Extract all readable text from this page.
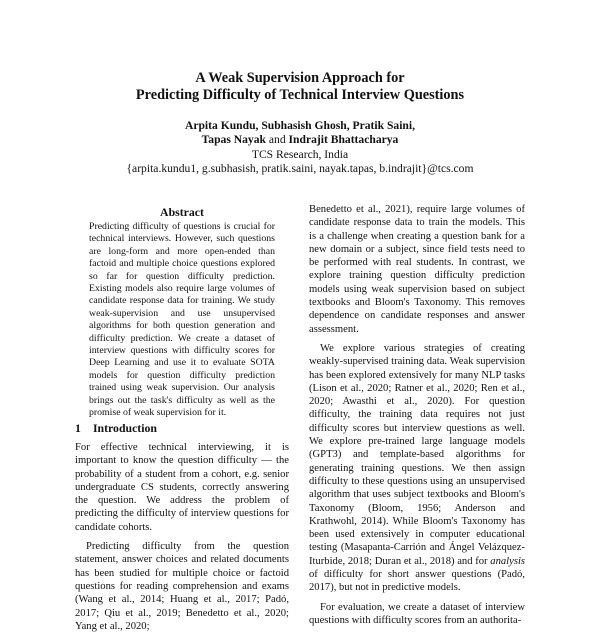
A Weak Supervision Approach for
Predicting Difficulty of Technical Interview Questions
Arpita Kundu, Subhasish Ghosh, Pratik Saini,
Tapas Nayak and Indrajit Bhattacharya
TCS Research, India
{arpita.kundu1, g.subhasish, pratik.saini, nayak.tapas, b.indrajit}@tcs.com
Abstract
Predicting difficulty of questions is crucial for technical interviews. However, such questions are long-form and more open-ended than factoid and multiple choice questions explored so far for question difficulty prediction. Existing models also require large volumes of candidate response data for training. We study weak-supervision and use unsupervised algorithms for both question generation and difficulty prediction. We create a dataset of interview questions with difficulty scores for Deep Learning and use it to evaluate SOTA models for question difficulty prediction trained using weak supervision. Our analysis brings out the task's difficulty as well as the promise of weak supervision for it.
1 Introduction

For effective technical interviewing, it is important to know the question difficulty — the probability of a student from a cohort, e.g. senior undergraduate CS students, correctly answering the question. We address the problem of predicting the difficulty of interview questions for candidate cohorts.

Predicting difficulty from the question statement, answer choices and related documents has been studied for multiple choice or factoid questions for reading comprehension and exams (Wang et al., 2014; Huang et al., 2017; Padó, 2017; Qiu et al., 2019; Benedetto et al., 2020; Yang et al., 2020;

Benedetto et al., 2021), require large volumes of candidate response data to train the models. This is a challenge when creating a question bank for a new domain or a subject, since field tests need to be performed with real students. In contrast, we explore training question difficulty prediction models using weak supervision based on subject textbooks and Bloom's Taxonomy. This removes dependence on candidate responses and answer assessment.

We explore various strategies of creating weakly-supervised training data. Weak supervision has been explored extensively for many NLP tasks (Lison et al., 2020; Ratner et al., 2020; Ren et al., 2020; Awasthi et al., 2020). For question difficulty, the training data requires not just difficulty scores but interview questions as well. We explore pre-trained large language models (GPT3) and template-based algorithms for generating training questions. We then assign difficulty to these questions using an unsupervised algorithm that uses subject textbooks and Bloom's Taxonomy (Bloom, 1956; Anderson and Krathwohl, 2014). While Bloom's Taxonomy has been used extensively in computer educational testing (Masapanta-Carrión and Ángel Velázquez-Iturbide, 2018; Duran et al., 2018) and for analysis of difficulty for short answer questions (Padó, 2017), but not in predictive models.

For evaluation, we create a dataset of interview questions with difficulty scores from an authorita-
